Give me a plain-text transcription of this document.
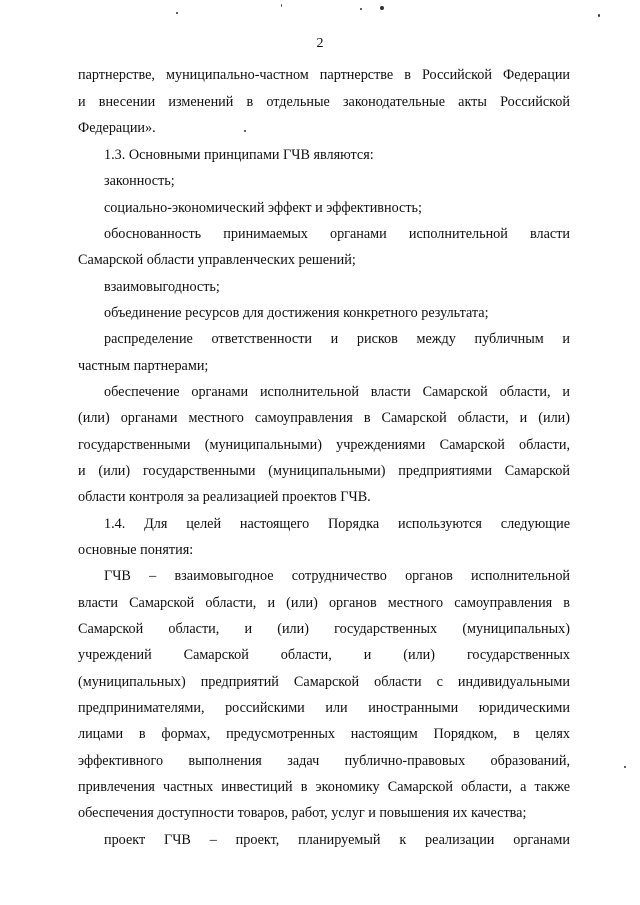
2
партнерстве, муниципально-частном партнерстве в Российской Федерации
и внесении изменений в отдельные законодательные акты Российской
Федерации».
1.3. Основными принципами ГЧВ являются:
законность;
социально-экономический эффект и эффективность;
обоснованность принимаемых органами исполнительной власти
Самарской области управленческих решений;
взаимовыгодность;
объединение ресурсов для достижения конкретного результата;
распределение ответственности и рисков между публичным и
частным партнерами;
обеспечение органами исполнительной власти Самарской области, и
(или) органами местного самоуправления в Самарской области, и (или)
государственными (муниципальными) учреждениями Самарской области,
и (или) государственными (муниципальными) предприятиями Самарской
области контроля за реализацией проектов ГЧВ.
1.4. Для целей настоящего Порядка используются следующие
основные понятия:
ГЧВ – взаимовыгодное сотрудничество органов исполнительной
власти Самарской области, и (или) органов местного самоуправления в
Самарской области, и (или) государственных (муниципальных)
учреждений Самарской области, и (или) государственных
(муниципальных) предприятий Самарской области с индивидуальными
предпринимателями, российскими или иностранными юридическими
лицами в формах, предусмотренных настоящим Порядком, в целях
эффективного выполнения задач публично-правовых образований,
привлечения частных инвестиций в экономику Самарской области, а также
обеспечения доступности товаров, работ, услуг и повышения их качества;
проект ГЧВ – проект, планируемый к реализации органами
